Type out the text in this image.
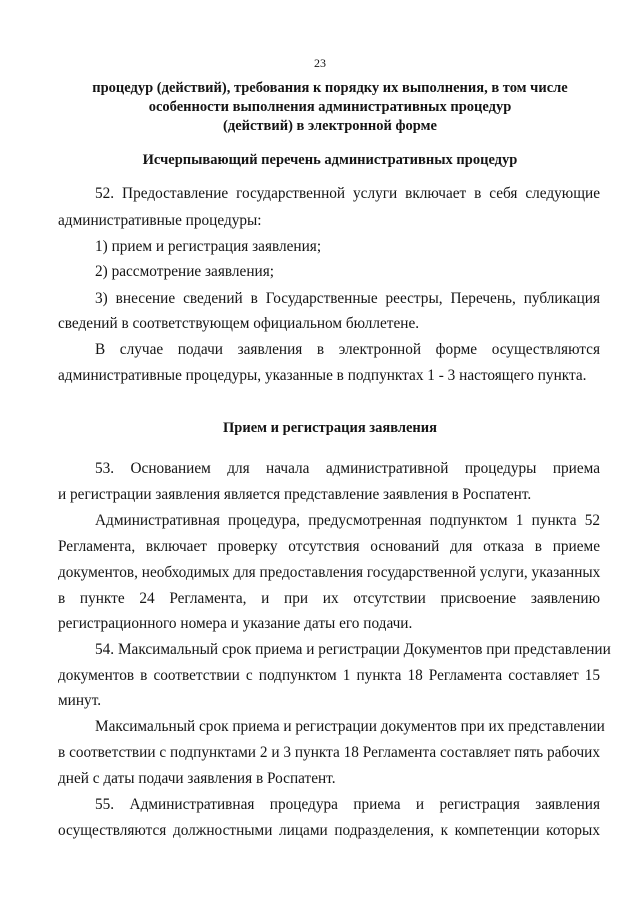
23
процедур (действий), требования к порядку их выполнения, в том числе
особенности выполнения административных процедур
(действий) в электронной форме
Исчерпывающий перечень административных процедур
52. Предоставление государственной услуги включает в себя следующие
административные процедуры:
1) прием и регистрация заявления;
2) рассмотрение заявления;
3) внесение сведений в Государственные реестры, Перечень, публикация
сведений в соответствующем официальном бюллетене.
В случае подачи заявления в электронной форме осуществляются
административные процедуры, указанные в подпунктах 1 - 3 настоящего пункта.
Прием и регистрация заявления
53. Основанием для начала административной процедуры приема
и регистрации заявления является представление заявления в Роспатент.
Административная процедура, предусмотренная подпунктом 1 пункта 52
Регламента, включает проверку отсутствия оснований для отказа в приеме
документов, необходимых для предоставления государственной услуги, указанных
в пункте 24 Регламента, и при их отсутствии присвоение заявлению
регистрационного номера и указание даты его подачи.
54. Максимальный срок приема и регистрации Документов при представлении
документов в соответствии с подпунктом 1 пункта 18 Регламента составляет 15
минут.
Максимальный срок приема и регистрации документов при их представлении
в соответствии с подпунктами 2 и 3 пункта 18 Регламента составляет пять рабочих
дней с даты подачи заявления в Роспатент.
55. Административная процедура приема и регистрация заявления
осуществляются должностными лицами подразделения, к компетенции которых
